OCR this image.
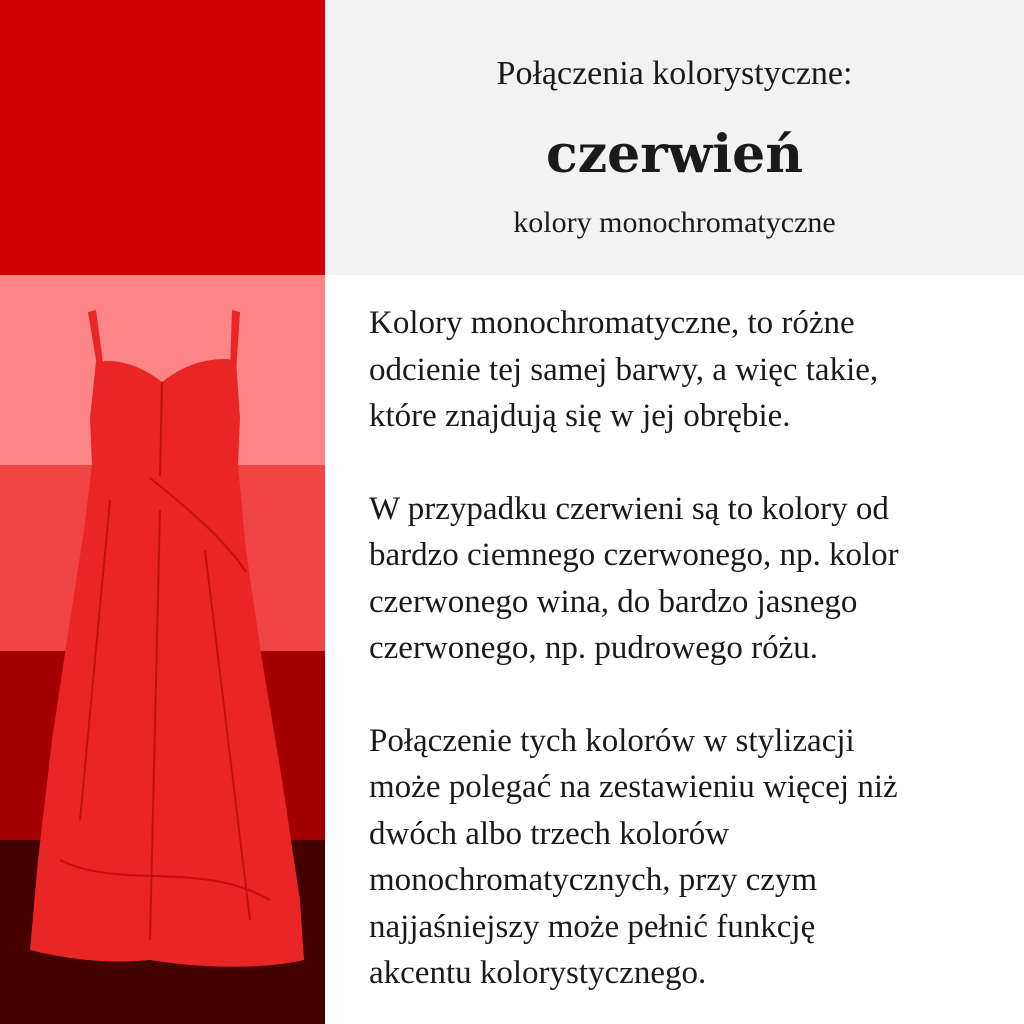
Połączenia kolorystyczne:
czerwień
kolory monochromatyczne

Kolory monochromatyczne, to różne
odcienie tej samej barwy, a więc takie,
które znajdują się w jej obrębie.

W przypadku czerwieni są to kolory od
bardzo ciemnego czerwonego, np. kolor
czerwonego wina, do bardzo jasnego
czerwonego, np. pudrowego różu.

Połączenie tych kolorów w stylizacji
może polegać na zestawieniu więcej niż
dwóch albo trzech kolorów
monochromatycznych, przy czym
najjaśniejszy może pełnić funkcję
akcentu kolorystycznego.
